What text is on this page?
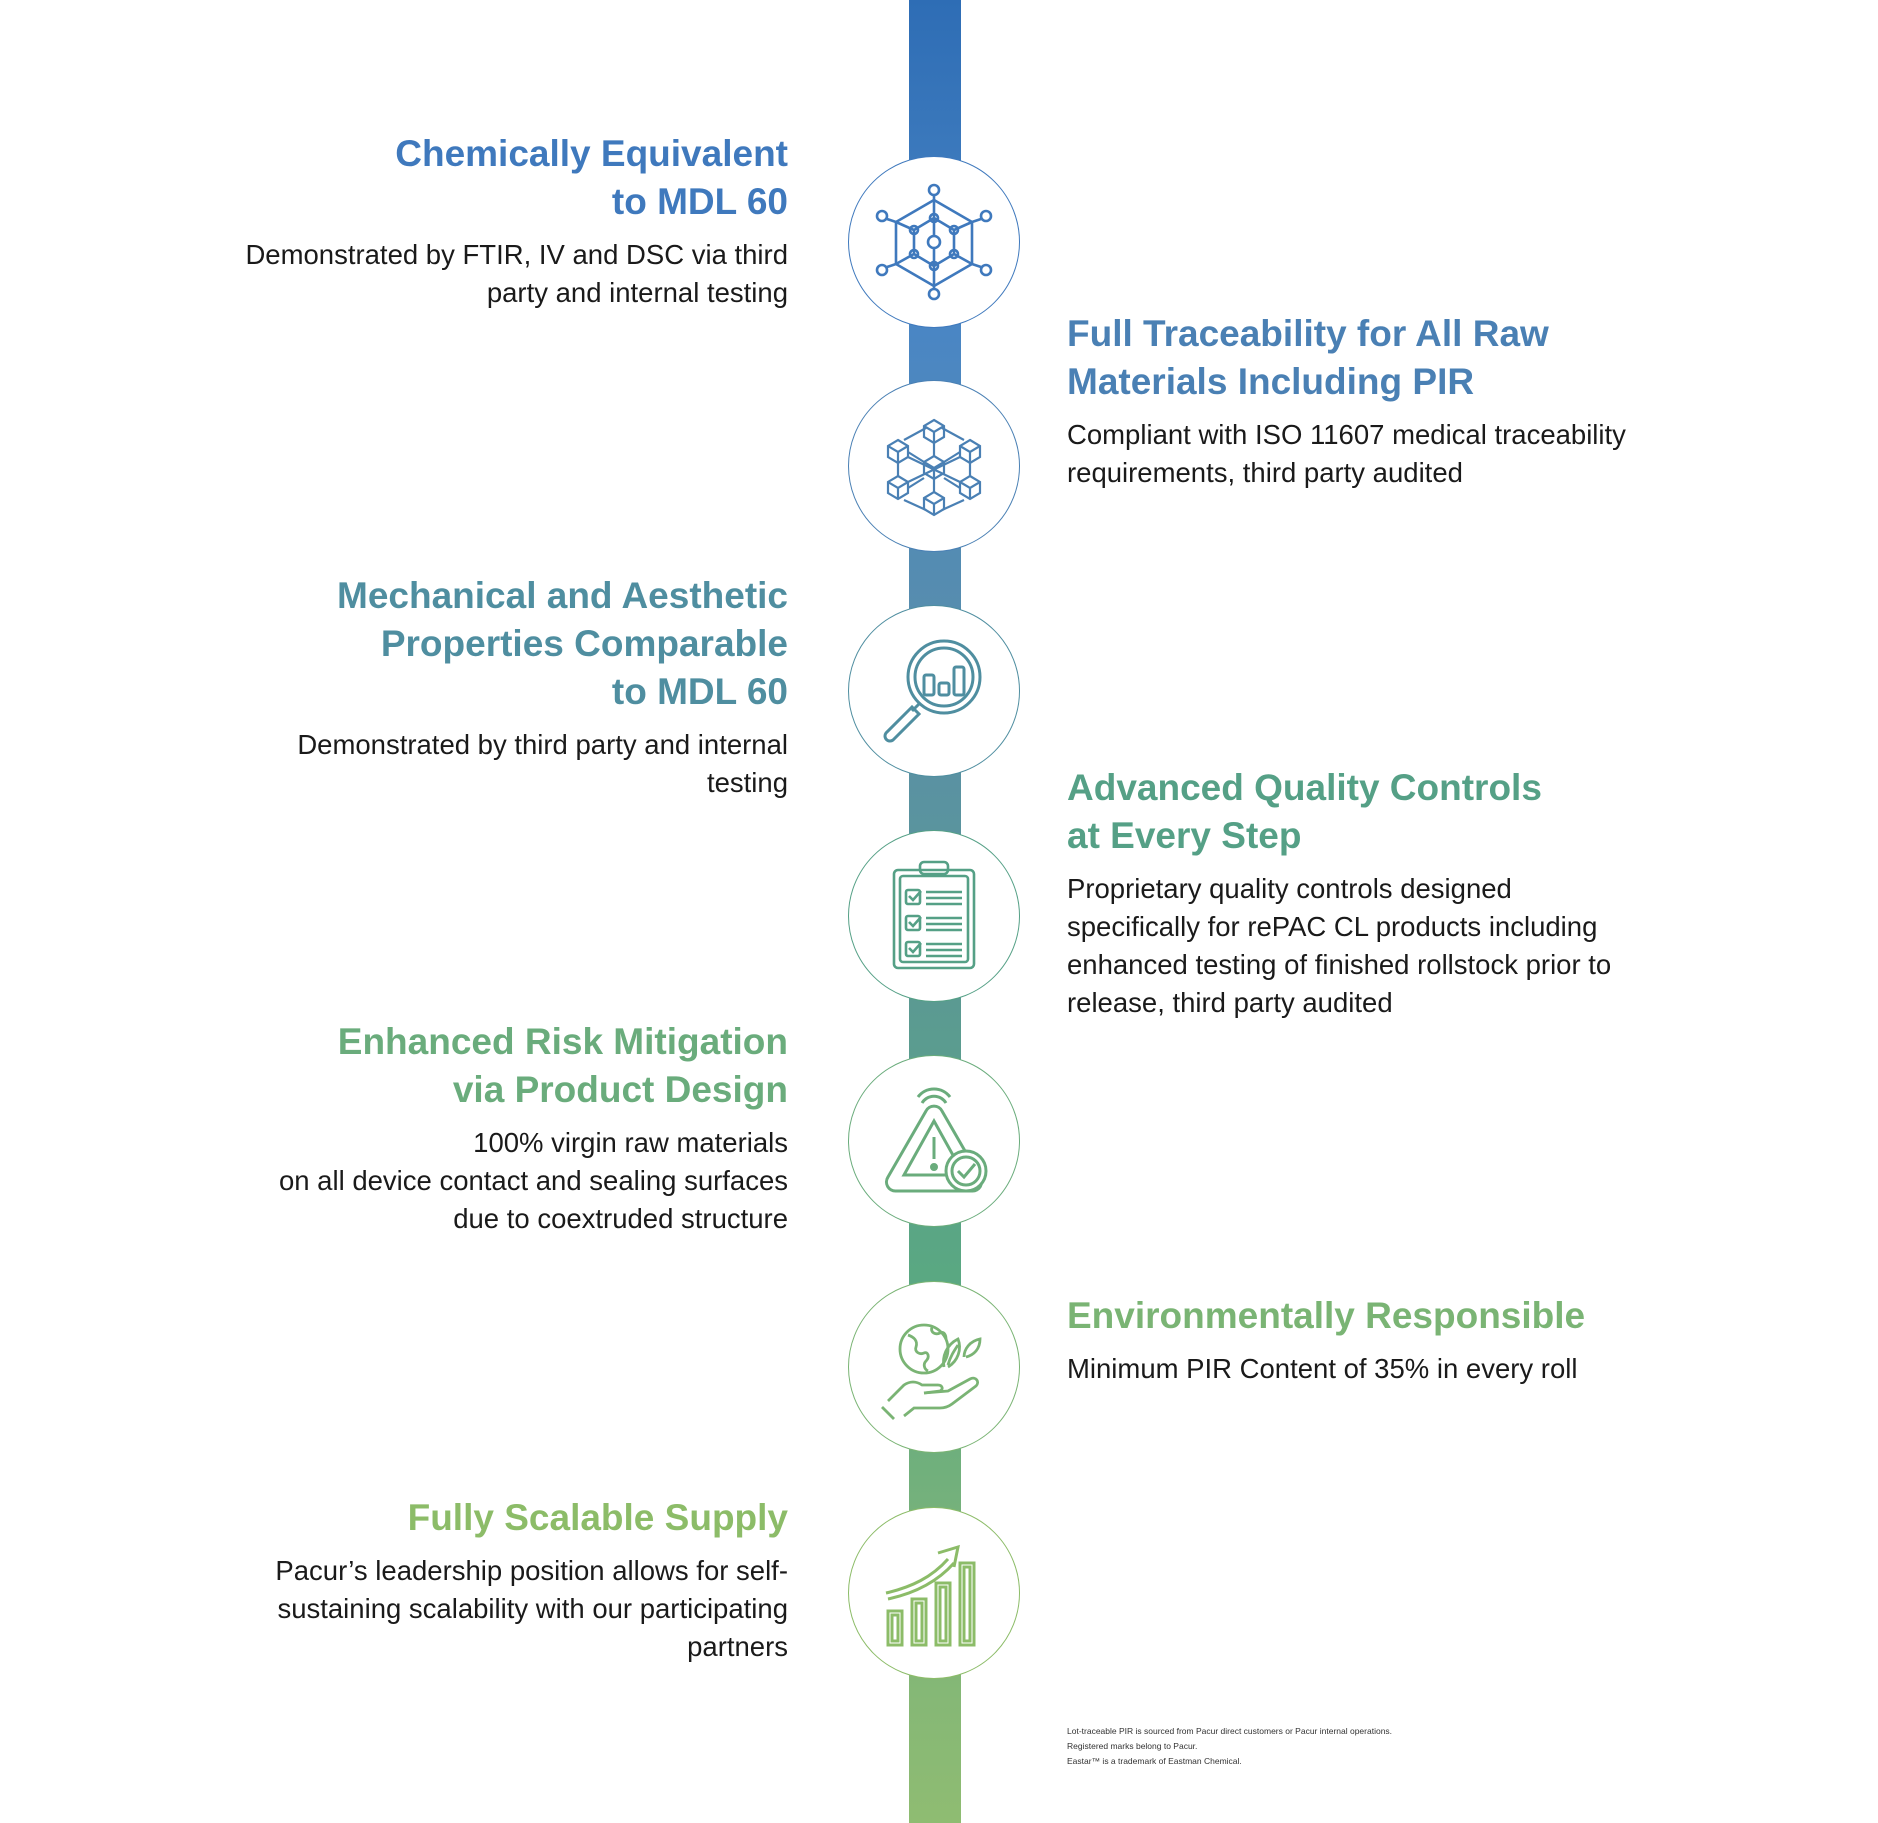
Chemically Equivalent
to MDL 60
Demonstrated by FTIR, IV and DSC via third
party and internal testing
Full Traceability for All Raw
Materials Including PIR
Compliant with ISO 11607 medical traceability
requirements, third party audited
Mechanical and Aesthetic
Properties Comparable
to MDL 60
Demonstrated by third party and internal
testing	Advanced Quality Controls
at Every Step
Proprietary quality controls designed
specifically for rePAC CL products including
enhanced testing of finished rollstock prior to
release, third party audited
Enhanced Risk Mitigation
via Product Design
100% virgin raw materials
on all device contact and sealing surfaces
due to coextruded structure
Environmentally Responsible
Minimum PIR Content of 35% in every roll
Fully Scalable Supply
Pacur’s leadership position allows for self-
sustaining scalability with our participating
partners
Lot-traceable PIR is sourced from Pacur direct customers or Pacur internal operations.
Registered marks belong to Pacur.
Eastar™ is a trademark of Eastman Chemical.
